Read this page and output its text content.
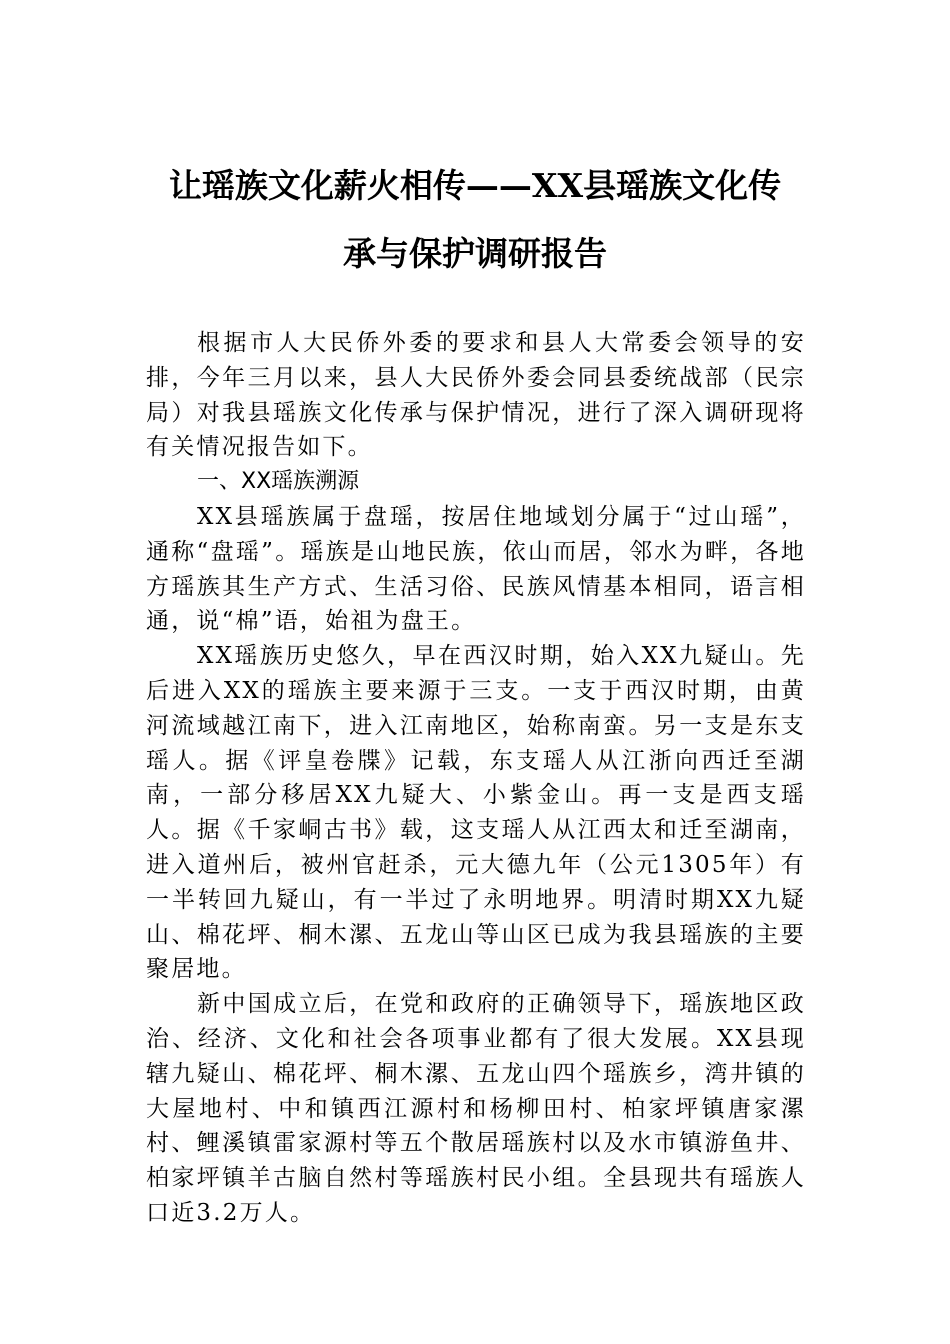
让瑶族文化薪火相传——XX县瑶族文化传
承与保护调研报告

根据市人大民侨外委的要求和县人大常委会领导的安排，今年三月以来，县人大民侨外委会同县委统战部（民宗局）对我县瑶族文化传承与保护情况，进行了深入调研现将有关情况报告如下。

一、XX瑶族溯源

XX县瑶族属于盘瑶，按居住地域划分属于“过山瑶”，通称“盘瑶”。瑶族是山地民族，依山而居，邻水为畔，各地方瑶族其生产方式、生活习俗、民族风情基本相同，语言相通，说“棉”语，始祖为盘王。

XX瑶族历史悠久，早在西汉时期，始入XX九疑山。先后进入XX的瑶族主要来源于三支。一支于西汉时期，由黄河流域越江南下，进入江南地区，始称南蛮。另一支是东支瑶人。据《评皇卷牒》记载，东支瑶人从江浙向西迁至湖南，一部分移居XX九疑大、小紫金山。再一支是西支瑶人。据《千家峒古书》载，这支瑶人从江西太和迁至湖南，进入道州后，被州官赶杀，元大德九年（公元1305年）有一半转回九疑山，有一半过了永明地界。明清时期XX九疑山、棉花坪、桐木漯、五龙山等山区已成为我县瑶族的主要聚居地。

新中国成立后，在党和政府的正确领导下，瑶族地区政治、经济、文化和社会各项事业都有了很大发展。XX县现辖九疑山、棉花坪、桐木漯、五龙山四个瑶族乡，湾井镇的大屋地村、中和镇西江源村和杨柳田村、柏家坪镇唐家漯村、鲤溪镇雷家源村等五个散居瑶族村以及水市镇游鱼井、柏家坪镇羊古脑自然村等瑶族村民小组。全县现共有瑶族人口近3.2万人。
